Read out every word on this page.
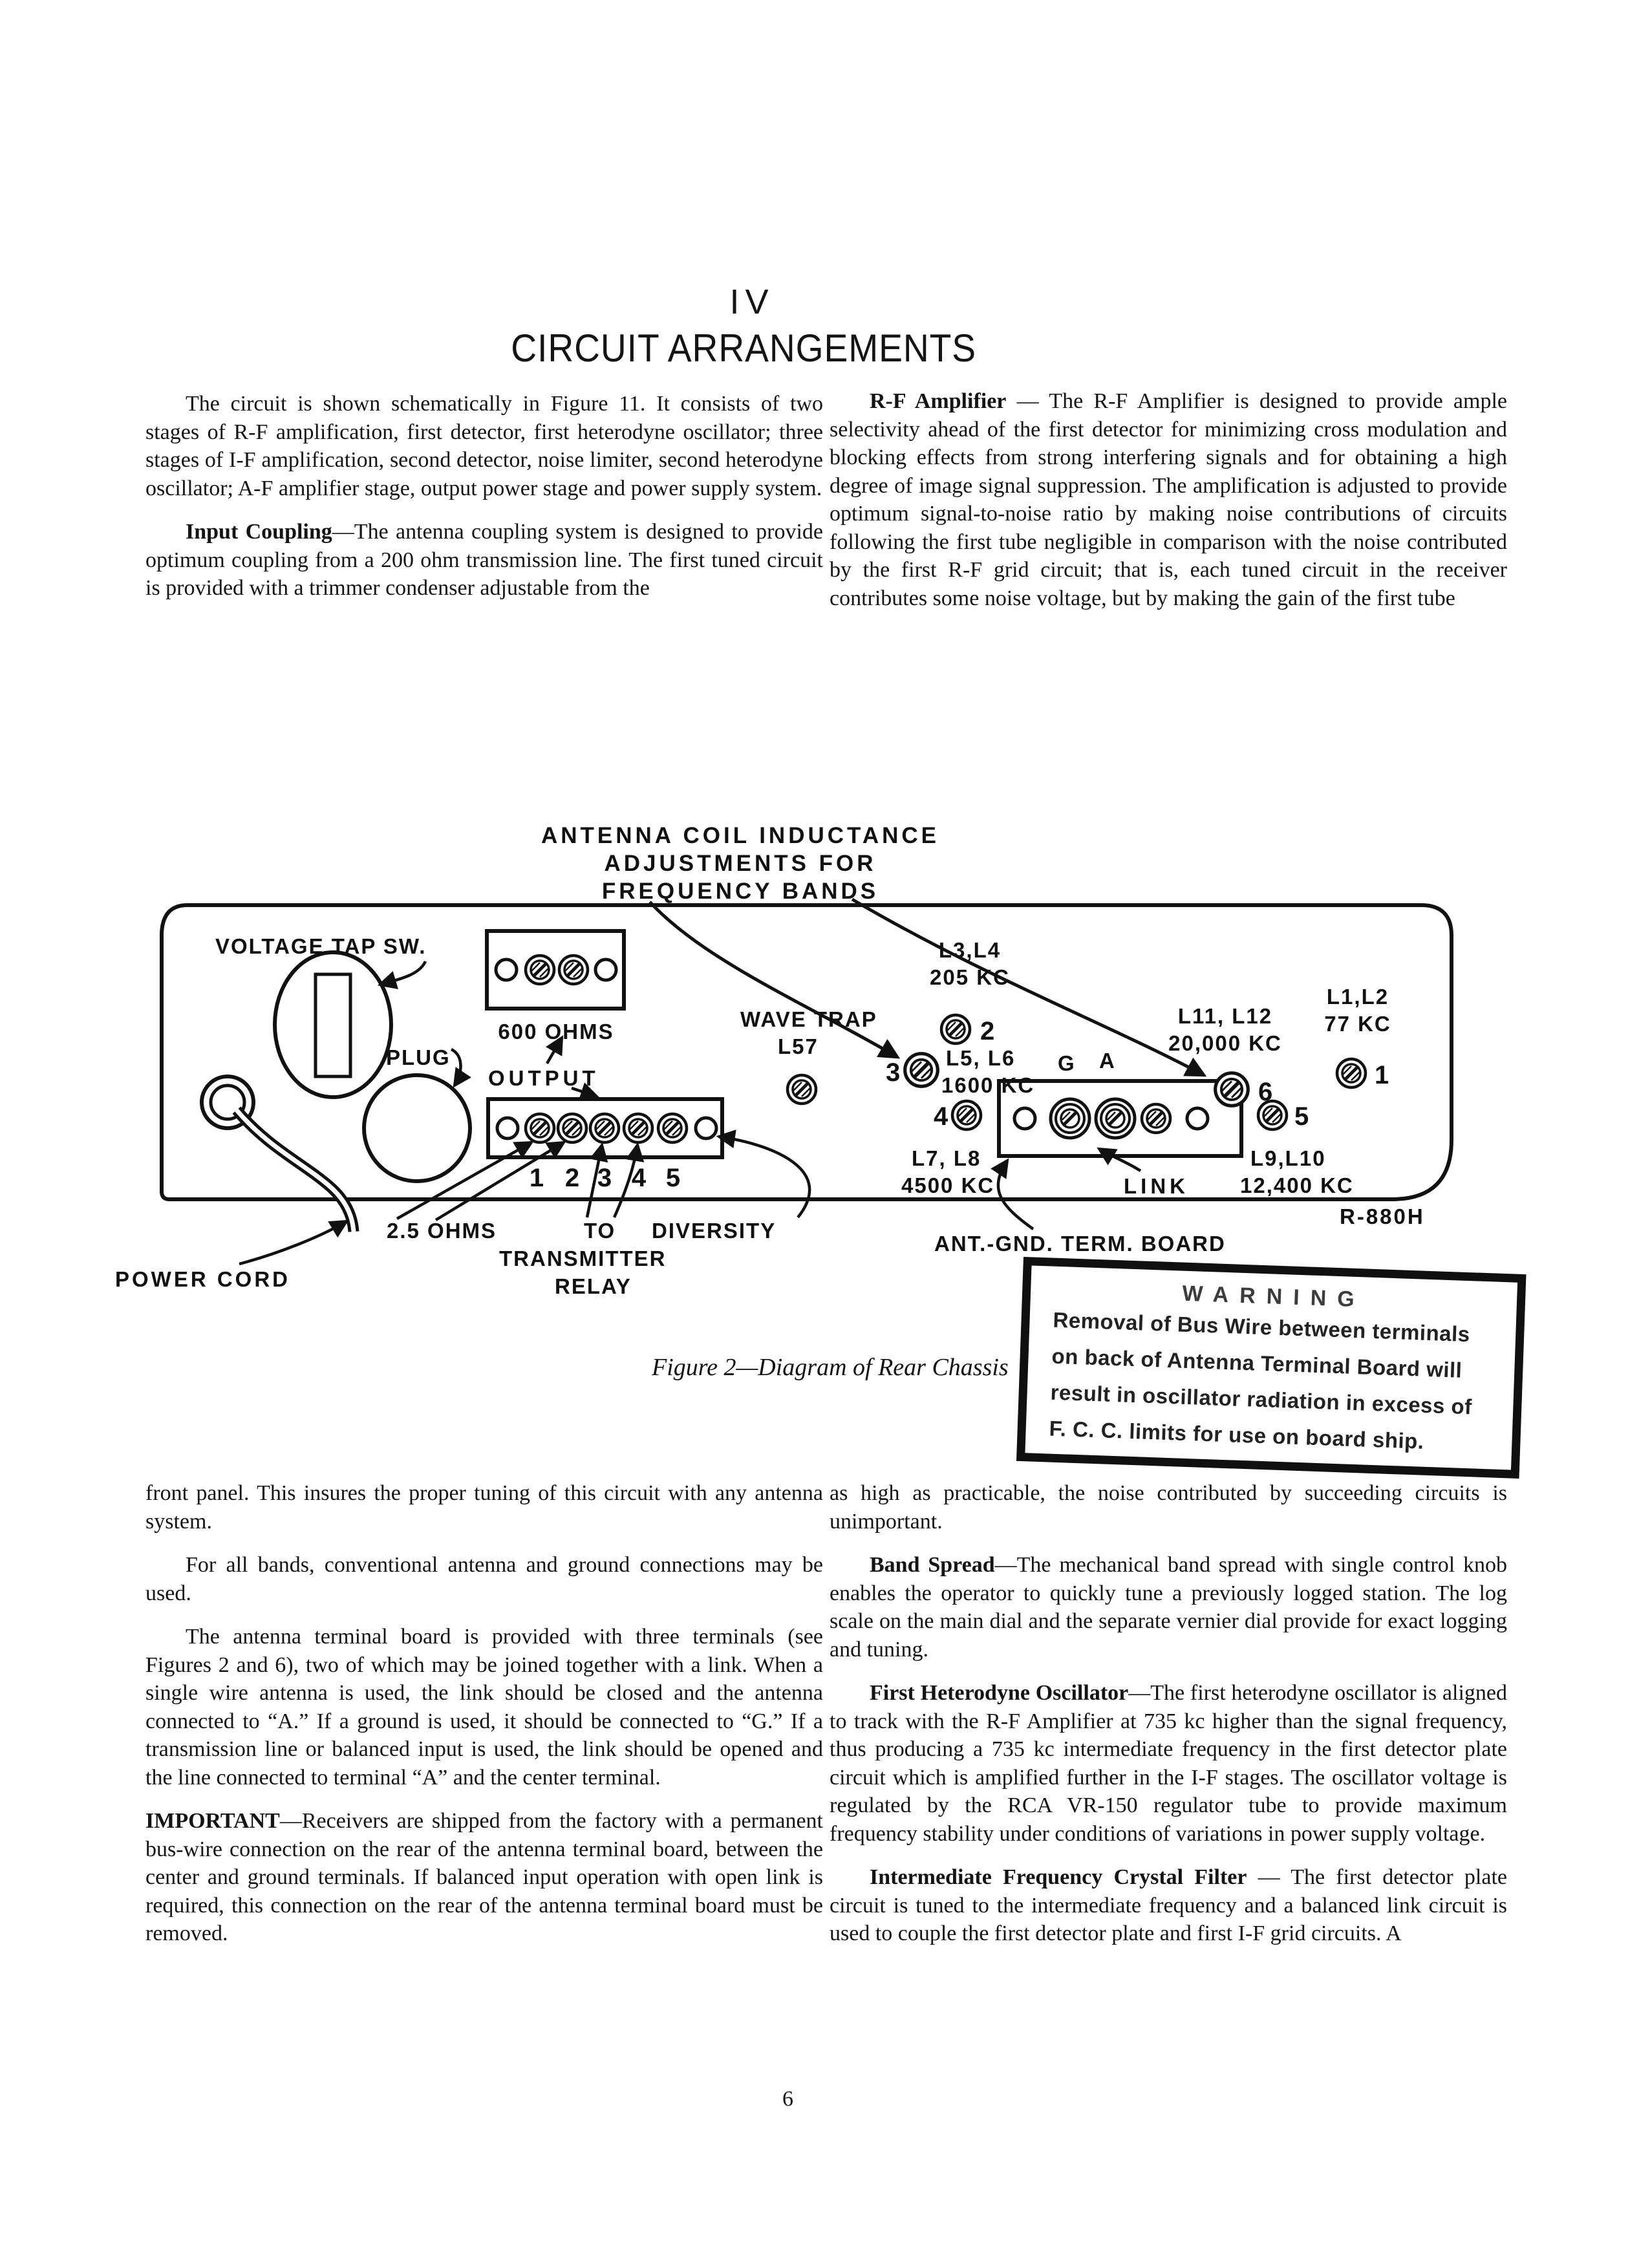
IV
CIRCUIT ARRANGEMENTS

The circuit is shown schematically in Figure 11. It consists of two stages of R-F amplification, first detector, first heterodyne oscillator; three stages of I-F amplification, second detector, noise limiter, second heterodyne oscillator; A-F amplifier stage, output power stage and power supply system.

Input Coupling—The antenna coupling system is designed to provide optimum coupling from a 200 ohm transmission line. The first tuned circuit is provided with a trimmer condenser adjustable from the

R-F Amplifier — The R-F Amplifier is designed to provide ample selectivity ahead of the first detector for minimizing cross modulation and blocking effects from strong interfering signals and for obtaining a high degree of image signal suppression. The amplification is adjusted to provide optimum signal-to-noise ratio by making noise contributions of circuits following the first tube negligible in comparison with the noise contributed by the first R-F grid circuit; that is, each tuned circuit in the receiver contributes some noise voltage, but by making the gain of the first tube

ANTENNA COIL INDUCTANCE
ADJUSTMENTS FOR
FREQUENCY BANDS
VOLTAGE TAP SW.
600 OHMS
OUTPUT
PLUG
POWER CORD
2.5 OHMS	TO
TRANSMITTER
RELAY
DIVERSITY
WAVE TRAP
L57
L3,L4
205 KC
2
L5, L6
1600 KC
3
L11, L12
20,000 KC
6
L1,L2
77 KC
1
4
G A
LINK
5
L7, L8
4500 KC
L9,L10
12,400 KC
ANT.-GND. TERM. BOARD
R-880H
1 2 3 4 5
WARNING
Removal of Bus Wire between terminals
on back of Antenna Terminal Board will
result in oscillator radiation in excess of
F. C. C. limits for use on board ship.
Figure 2—Diagram of Rear Chassis

front panel. This insures the proper tuning of this circuit with any antenna system.

For all bands, conventional antenna and ground connections may be used.

The antenna terminal board is provided with three terminals (see Figures 2 and 6), two of which may be joined together with a link. When a single wire antenna is used, the link should be closed and the antenna connected to “A.” If a ground is used, it should be connected to “G.” If a transmission line or balanced input is used, the link should be opened and the line connected to terminal “A” and the center terminal.

IMPORTANT—Receivers are shipped from the factory with a permanent bus-wire connection on the rear of the antenna terminal board, between the center and ground terminals. If balanced input operation with open link is required, this connection on the rear of the antenna terminal board must be removed.

as high as practicable, the noise contributed by succeeding circuits is unimportant.

Band Spread—The mechanical band spread with single control knob enables the operator to quickly tune a previously logged station. The log scale on the main dial and the separate vernier dial provide for exact logging and tuning.

First Heterodyne Oscillator—The first heterodyne oscillator is aligned to track with the R-F Amplifier at 735 kc higher than the signal frequency, thus producing a 735 kc intermediate frequency in the first detector plate circuit which is amplified further in the I-F stages. The oscillator voltage is regulated by the RCA VR-150 regulator tube to provide maximum frequency stability under conditions of variations in power supply voltage.

Intermediate Frequency Crystal Filter — The first detector plate circuit is tuned to the intermediate frequency and a balanced link circuit is used to couple the first detector plate and first I-F grid circuits. A

6
